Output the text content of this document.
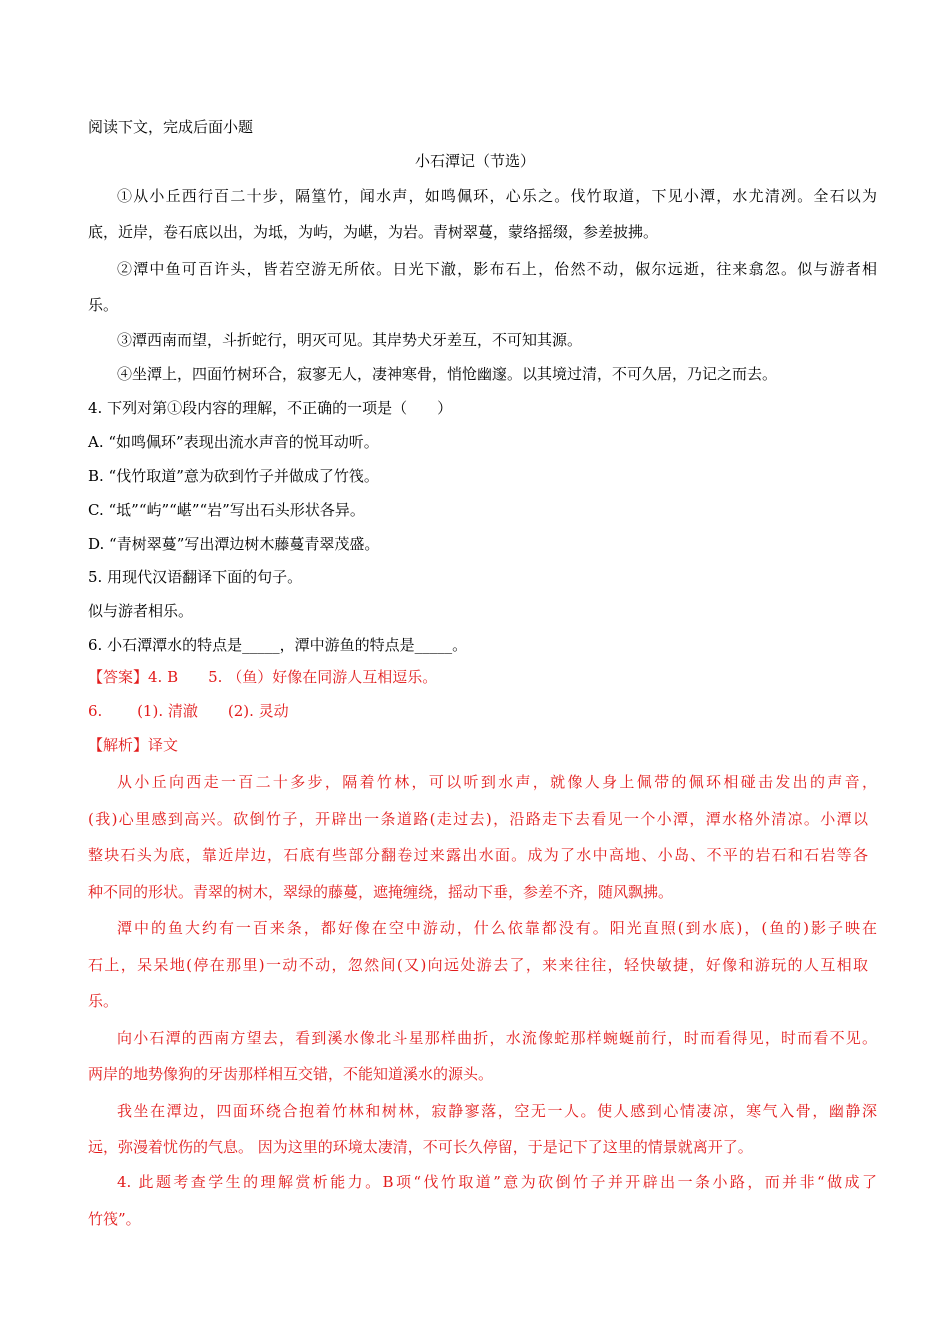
阅读下文，完成后面小题
小石潭记（节选）
①从小丘西行百二十步，隔篁竹，闻水声，如鸣佩环，心乐之。伐竹取道，下见小潭，水尤清冽。全石以为
底，近岸，卷石底以出，为坻，为屿，为嵁，为岩。青树翠蔓，蒙络摇缀，参差披拂。
②潭中鱼可百许头，皆若空游无所依。日光下澈，影布石上，佁然不动，俶尔远逝，往来翕忽。似与游者相
乐。
③潭西南而望，斗折蛇行，明灭可见。其岸势犬牙差互，不可知其源。
④坐潭上，四面竹树环合，寂寥无人，凄神寒骨，悄怆幽邃。以其境过清，不可久居，乃记之而去。
4. 下列对第①段内容的理解，不正确的一项是（　　）
A. “如鸣佩环”表现出流水声音的悦耳动听。
B. “伐竹取道”意为砍到竹子并做成了竹筏。
C. “坻”“屿”“嵁”“岩”写出石头形状各异。
D. “青树翠蔓”写出潭边树木藤蔓青翠茂盛。
5. 用现代汉语翻译下面的句子。
似与游者相乐。
6. 小石潭潭水的特点是_____，潭中游鱼的特点是_____。
【答案】4. B　　5. （鱼）好像在同游人互相逗乐。
6.　　 (1). 清澈　　(2). 灵动
【解析】译文
从小丘向西走一百二十多步，隔着竹林，可以听到水声，就像人身上佩带的佩环相碰击发出的声音，
(我)心里感到高兴。砍倒竹子，开辟出一条道路(走过去)，沿路走下去看见一个小潭，潭水格外清凉。小潭以
整块石头为底，靠近岸边，石底有些部分翻卷过来露出水面。成为了水中高地、小岛、不平的岩石和石岩等各
种不同的形状。青翠的树木，翠绿的藤蔓，遮掩缠绕，摇动下垂，参差不齐，随风飘拂。
潭中的鱼大约有一百来条，都好像在空中游动，什么依靠都没有。阳光直照(到水底)，(鱼的)影子映在
石上，呆呆地(停在那里)一动不动，忽然间(又)向远处游去了，来来往往，轻快敏捷，好像和游玩的人互相取
乐。
向小石潭的西南方望去，看到溪水像北斗星那样曲折，水流像蛇那样蜿蜒前行，时而看得见，时而看不见。
两岸的地势像狗的牙齿那样相互交错，不能知道溪水的源头。
我坐在潭边，四面环绕合抱着竹林和树林，寂静寥落，空无一人。使人感到心情凄凉，寒气入骨，幽静深
远，弥漫着忧伤的气息。 因为这里的环境太凄清，不可长久停留，于是记下了这里的情景就离开了。
4. 此题考查学生的理解赏析能力。B项“伐竹取道”意为砍倒竹子并开辟出一条小路，而并非“做成了
竹筏”。
